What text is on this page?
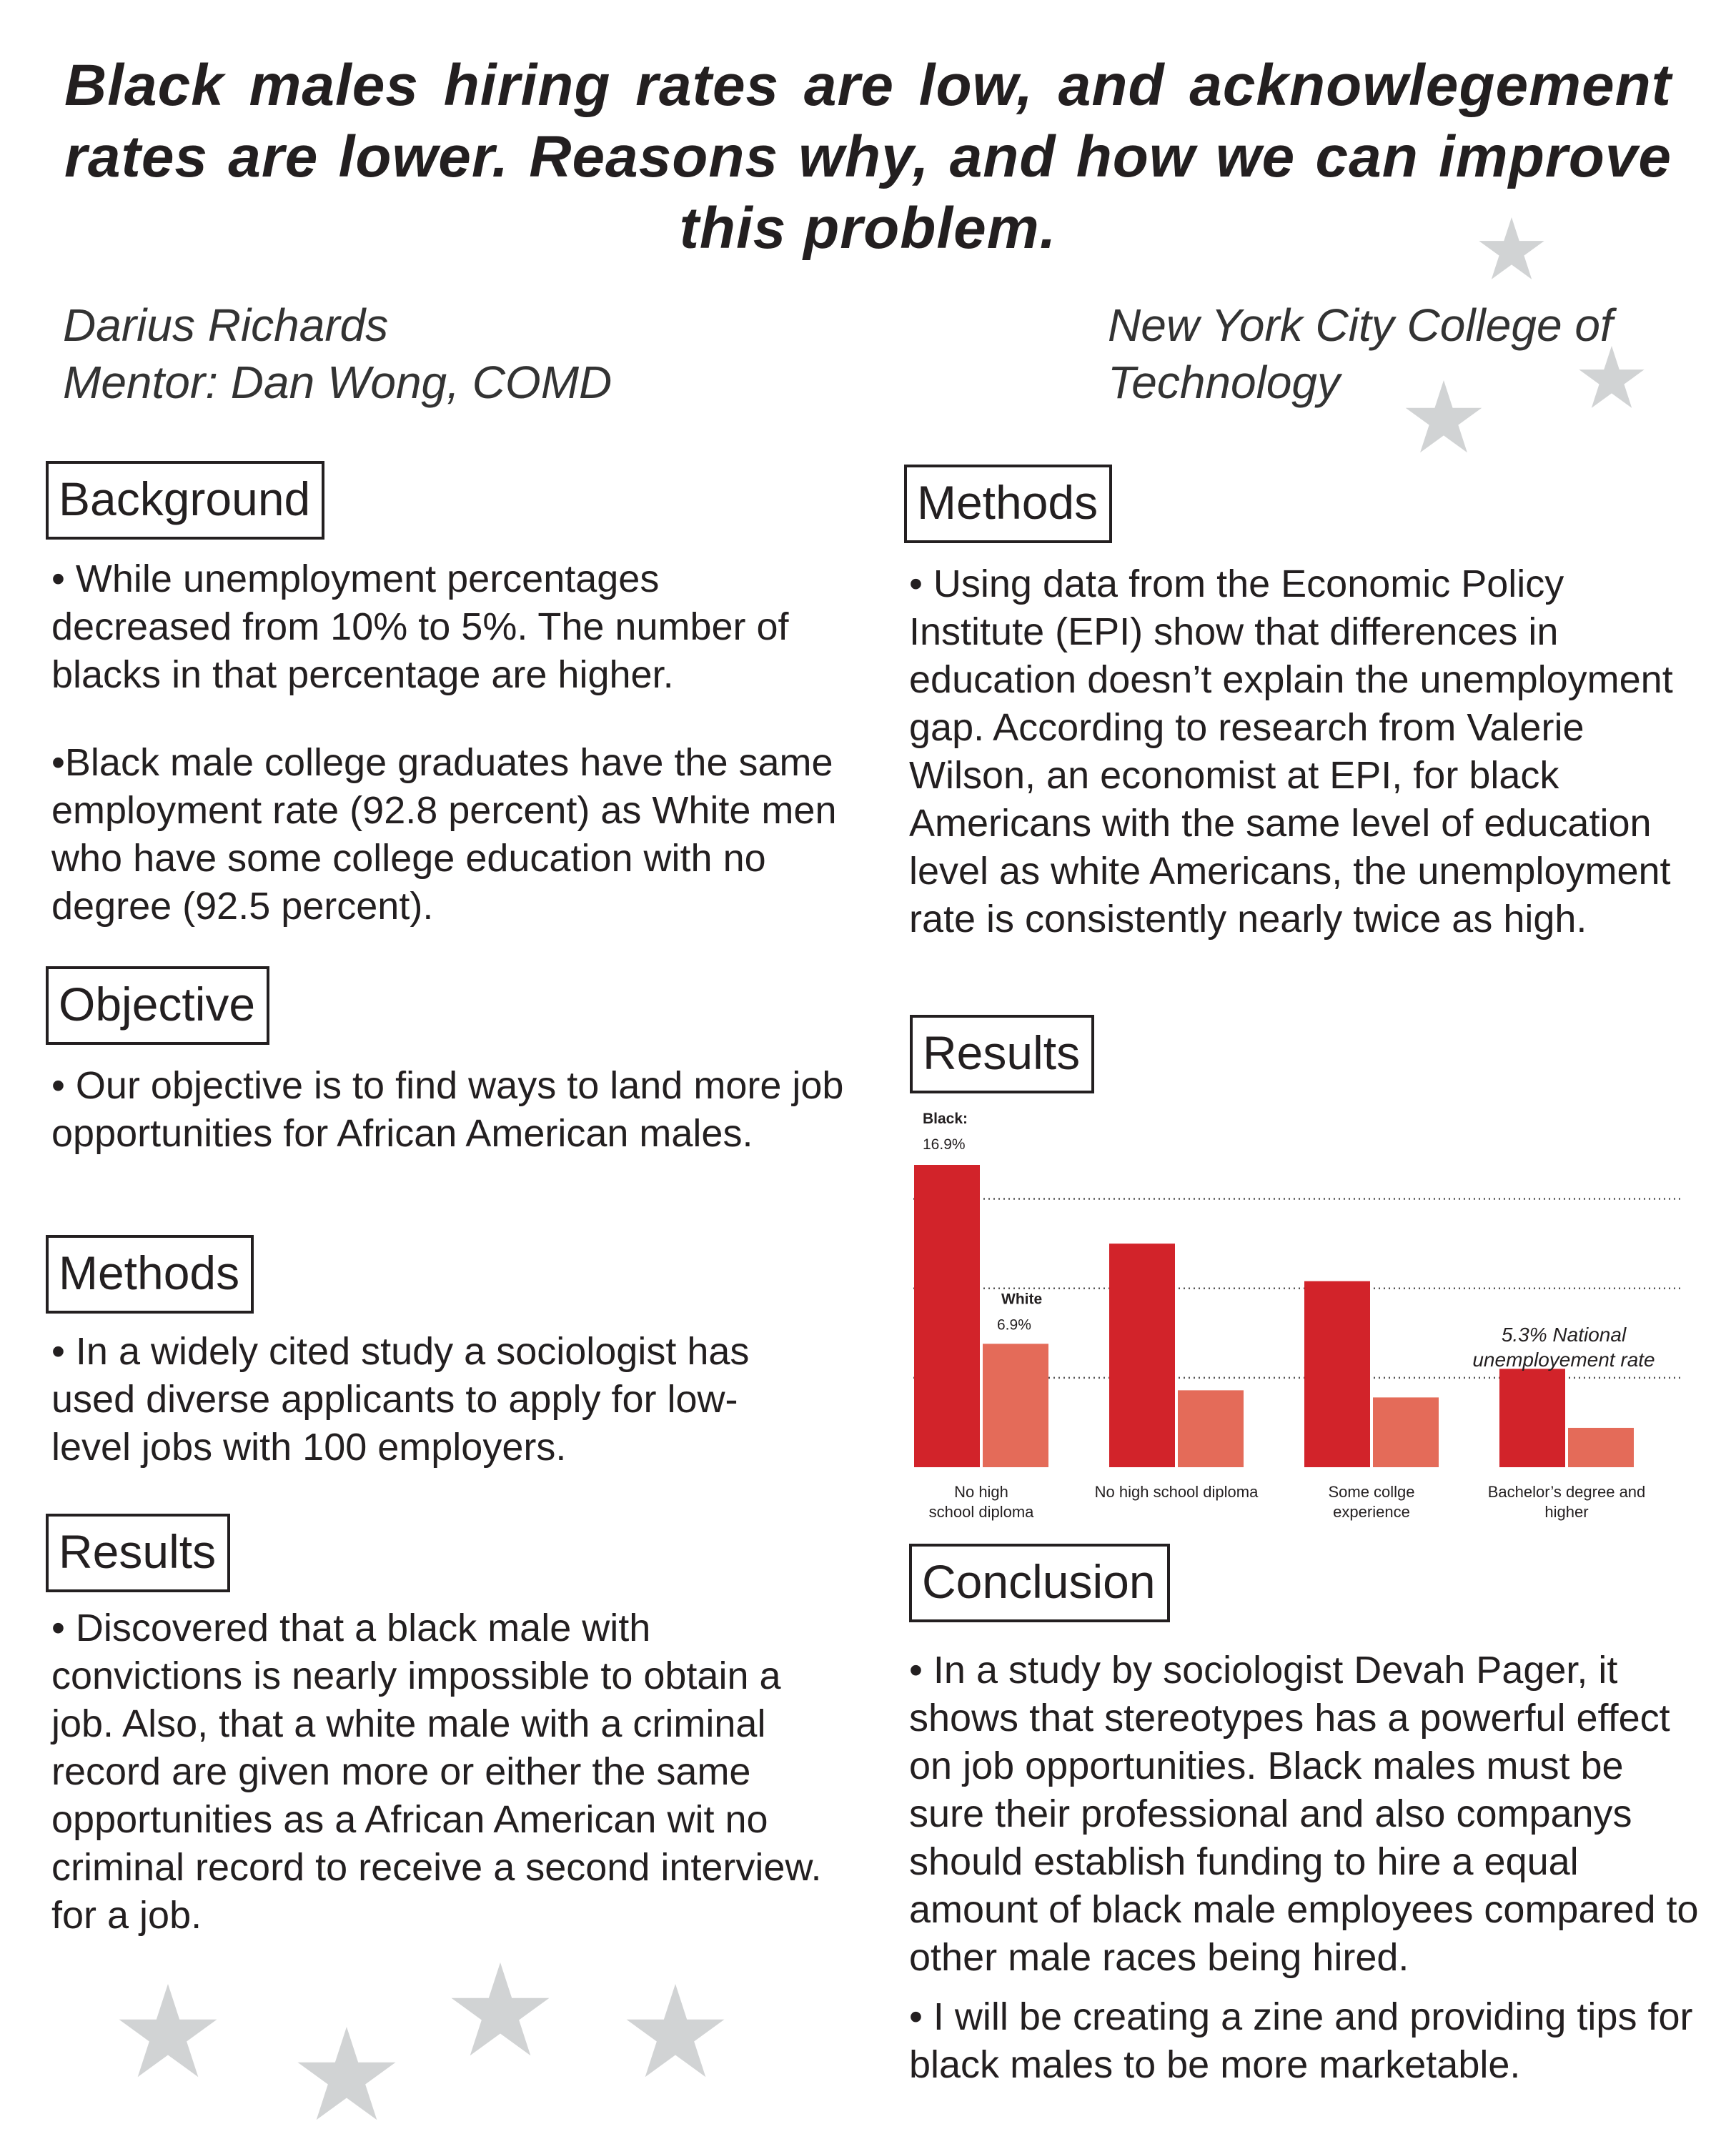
Black males hiring rates are low, and acknowlegement rates are lower. Reasons why, and how we can improve this problem.
Darius Richards
Mentor: Dan Wong, COMD
New York City College of
Technology
Background

• While unemployment percentages decreased from 10% to 5%. The number of blacks in that percentage are higher.

•Black male college graduates have the same employment rate (92.8 percent) as White men who have some college education with no degree (92.5 percent).

Objective
• Our objective is to find ways to land more job opportunities for African American males.
Methods
• In a widely cited study a sociologist has used diverse applicants to apply for low-level jobs with 100 employers.
Results
• Discovered that a black male with convictions is nearly impossible to obtain a job. Also, that a white male with a criminal record are given more or either the same opportunities as a African American wit no criminal record to receive a second interview. for a job.
Methods
• Using data from the Economic Policy Institute (EPI) show that differences in education doesn’t explain the unemployment gap. According to research from Valerie Wilson, an economist at EPI, for black Americans with the same level of education level as white Americans, the unemployment rate is consistently nearly twice as high.
Results
Black:
16.9%
White
6.9%	5.3% National
unemployement rate
No high
school diploma
No high school diploma	Some collge
experience
Bachelor’s degree and
higher
Conclusion

• In a study by sociologist Devah Pager, it shows that stereotypes has a powerful effect on job opportunities. Black males must be sure their professional and also companys should establish funding to hire a equal amount of black male employees compared to other male races being hired.

• I will be creating a zine and providing tips for black males to be more marketable.
